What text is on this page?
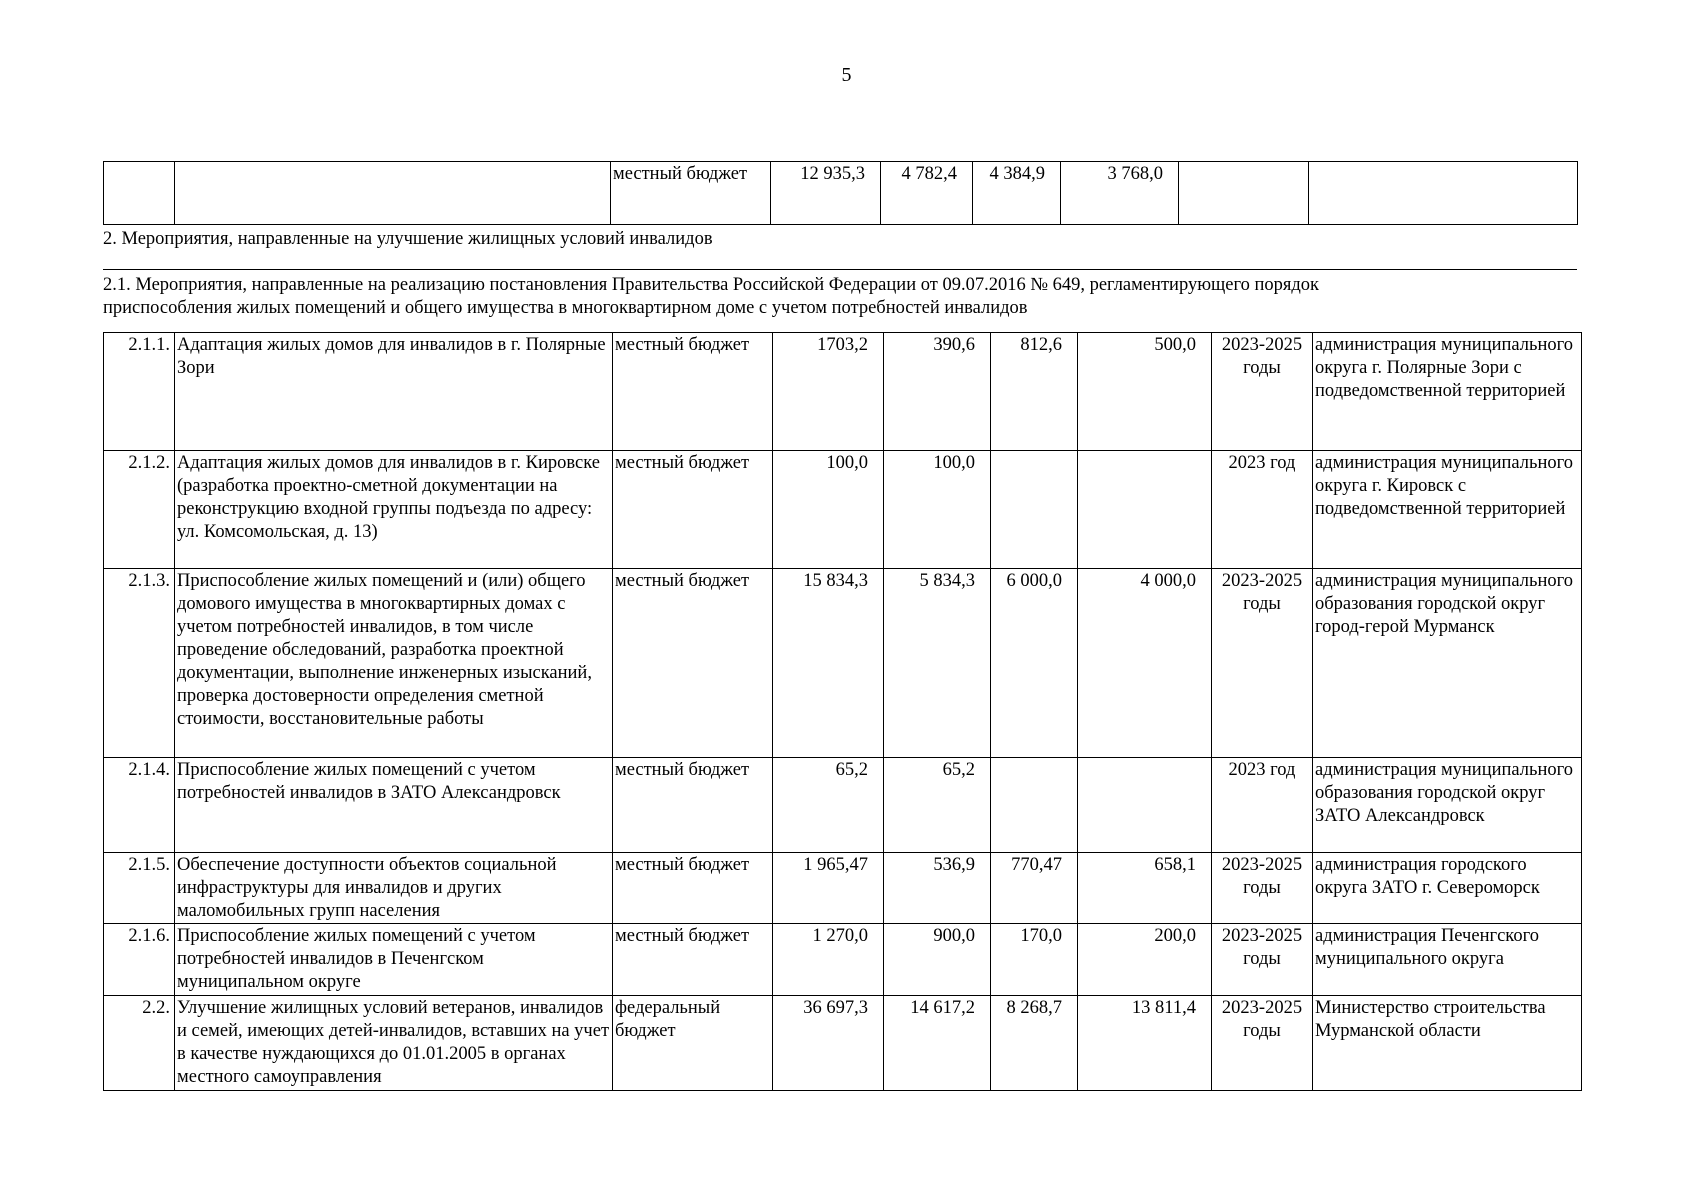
5
		местный бюджет	12 935,3	4 782,4	4 384,9	3 768,0		
2. Мероприятия, направленные на улучшение жилищных условий инвалидов
2.1. Мероприятия, направленные на реализацию постановления Правительства Российской Федерации от 09.07.2016 № 649, регламентирующего порядок
приспособления жилых помещений и общего имущества в многоквартирном доме с учетом потребностей инвалидов
2.1.1.	Адаптация жилых домов для инвалидов в г. Полярные Зори	местный бюджет	1703,2	390,6	812,6	500,0	2023-2025 годы	администрация муниципального округа г. Полярные Зори с подведомственной территорией
2.1.2.	Адаптация жилых домов для инвалидов в г. Кировске (разработка проектно-сметной документации на реконструкцию входной группы подъезда по адресу: ул. Комсомольская, д. 13)	местный бюджет	100,0	100,0			2023 год	администрация муниципального округа г. Кировск с подведомственной территорией
2.1.3.	Приспособление жилых помещений и (или) общего домового имущества в многоквартирных домах с учетом потребностей инвалидов, в том числе проведение обследований, разработка проектной документации, выполнение инженерных изысканий, проверка достоверности определения сметной стоимости, восстановительные работы	местный бюджет	15 834,3	5 834,3	6 000,0	4 000,0	2023-2025 годы	администрация муниципального образования городской округ город-герой Мурманск
2.1.4.	Приспособление жилых помещений с учетом потребностей инвалидов в ЗАТО Александровск	местный бюджет	65,2	65,2			2023 год	администрация муниципального образования городской округ ЗАТО Александровск
2.1.5.	Обеспечение доступности объектов социальной инфраструктуры для инвалидов и других маломобильных групп населения	местный бюджет	1 965,47	536,9	770,47	658,1	2023-2025 годы	администрация городского округа ЗАТО г. Североморск
2.1.6.	Приспособление жилых помещений с учетом потребностей инвалидов в Печенгском муниципальном округе	местный бюджет	1 270,0	900,0	170,0	200,0	2023-2025 годы	администрация Печенгского муниципального округа
2.2.	Улучшение жилищных условий ветеранов, инвалидов и семей, имеющих детей-инвалидов, вставших на учет в качестве нуждающихся до 01.01.2005 в органах местного самоуправления	федеральный бюджет	36 697,3	14 617,2	8 268,7	13 811,4	2023-2025 годы	Министерство строительства Мурманской области
